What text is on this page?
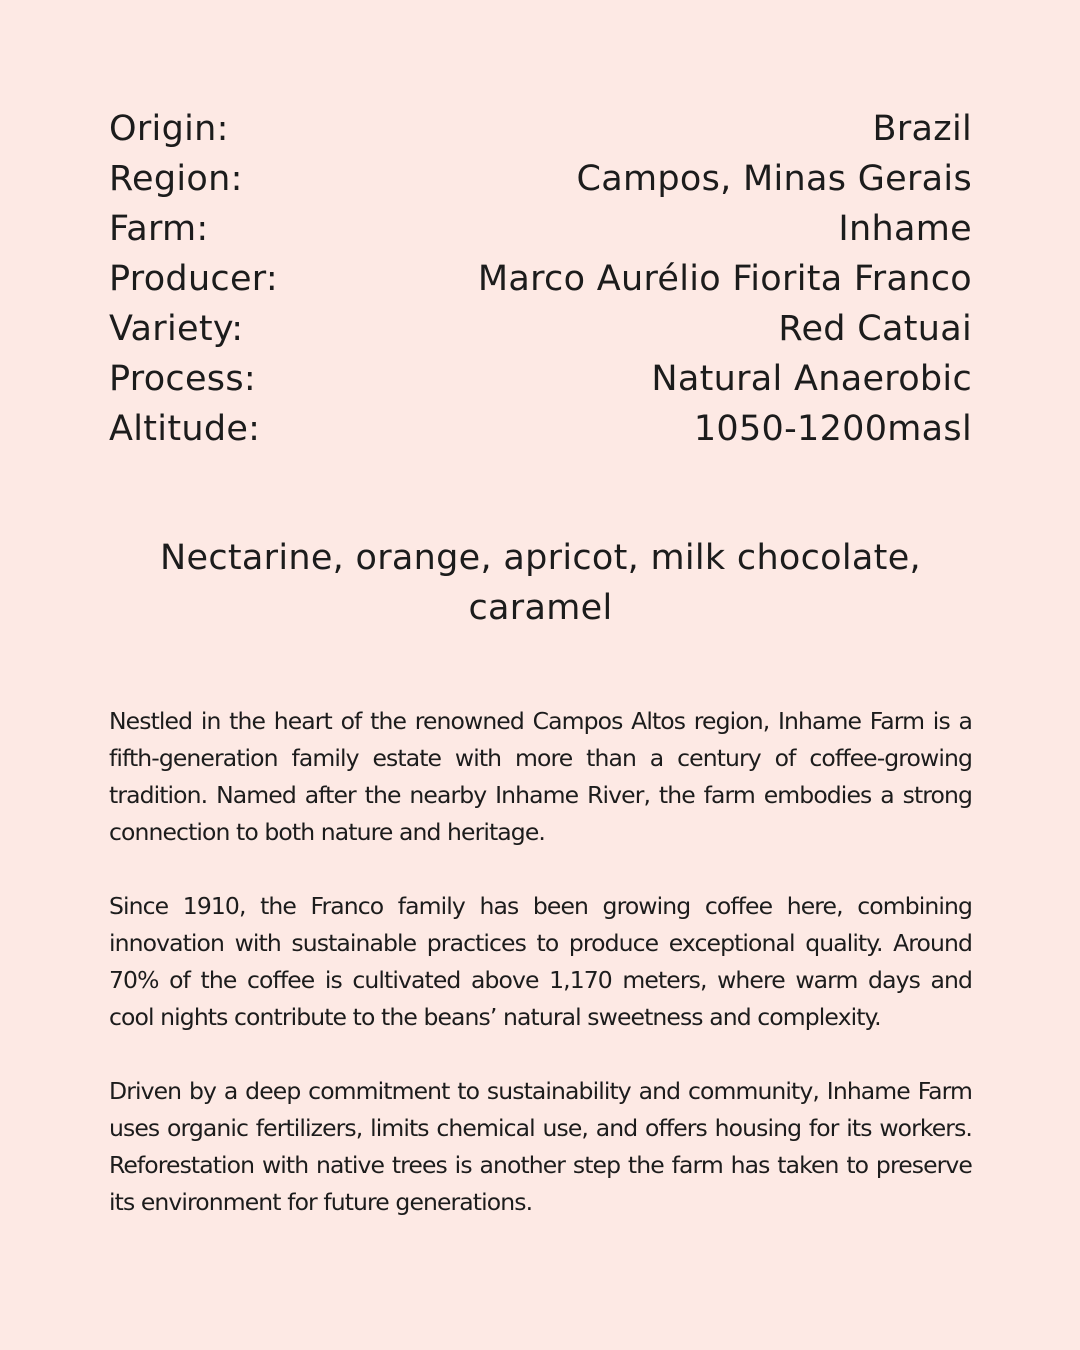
Origin:	Brazil
Region:	Campos, Minas Gerais
Farm:	Inhame
Producer:	Marco Aurélio Fiorita Franco
Variety:	Red Catuai
Process:	Natural Anaerobic
Altitude:	1050-1200masl
Nectarine, orange, apricot, milk chocolate, caramel

Nestled in the heart of the renowned Campos Altos region, Inhame Farm is a fifth-generation family estate with more than a century of coffee-growing tradition. Named after the nearby Inhame River, the farm embodies a strong connection to both nature and heritage.

Since 1910, the Franco family has been growing coffee here, combining innovation with sustainable practices to produce exceptional quality. Around 70% of the coffee is cultivated above 1,170 meters, where warm days and cool nights contribute to the beans’ natural sweetness and complexity.

Driven by a deep commitment to sustainability and community, Inhame Farm uses organic fertilizers, limits chemical use, and offers housing for its workers. Reforestation with native trees is another step the farm has taken to preserve its environment for future generations.
